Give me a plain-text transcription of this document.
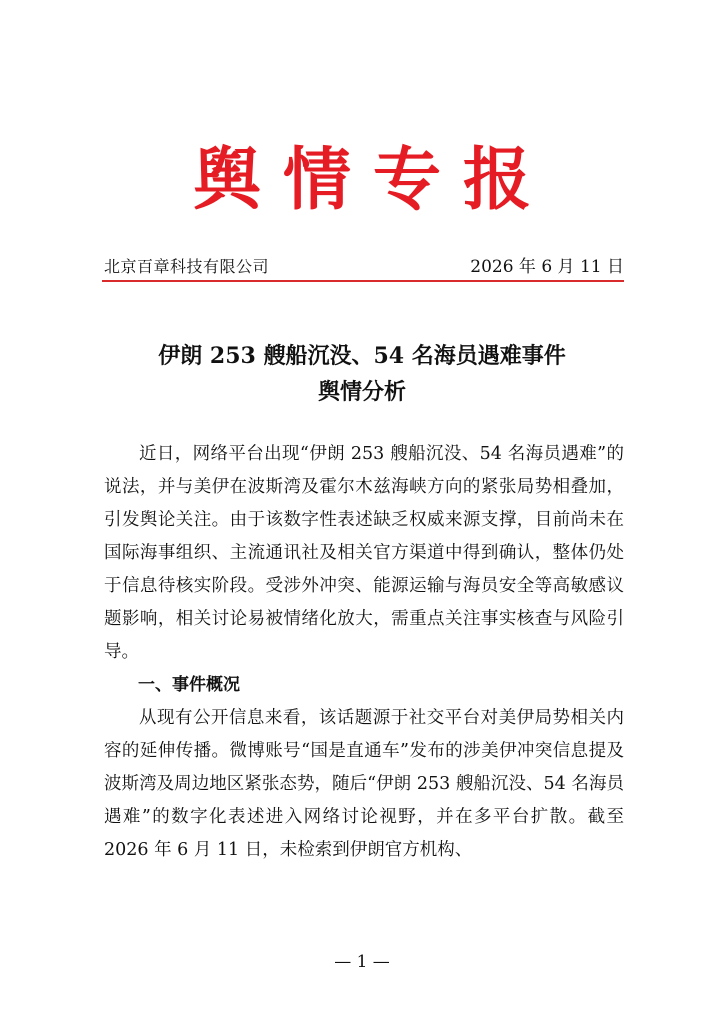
舆情专报
北京百章科技有限公司	2026 年 6 月 11 日
伊朗 253 艘船沉没、54 名海员遇难事件
舆情分析

近日，网络平台出现“伊朗 253 艘船沉没、54 名海员遇难”的说法，并与美伊在波斯湾及霍尔木兹海峡方向的紧张局势相叠加，引发舆论关注。由于该数字性表述缺乏权威来源支撑，目前尚未在国际海事组织、主流通讯社及相关官方渠道中得到确认，整体仍处于信息待核实阶段。受涉外冲突、能源运输与海员安全等高敏感议题影响，相关讨论易被情绪化放大，需重点关注事实核查与风险引导。

一、事件概况

从现有公开信息来看，该话题源于社交平台对美伊局势相关内容的延伸传播。微博账号“国是直通车”发布的涉美伊冲突信息提及波斯湾及周边地区紧张态势，随后“伊朗 253 艘船沉没、54 名海员遇难”的数字化表述进入网络讨论视野，并在多平台扩散。截至 2026 年 6 月 11 日，未检索到伊朗官方机构、

— 1 —
